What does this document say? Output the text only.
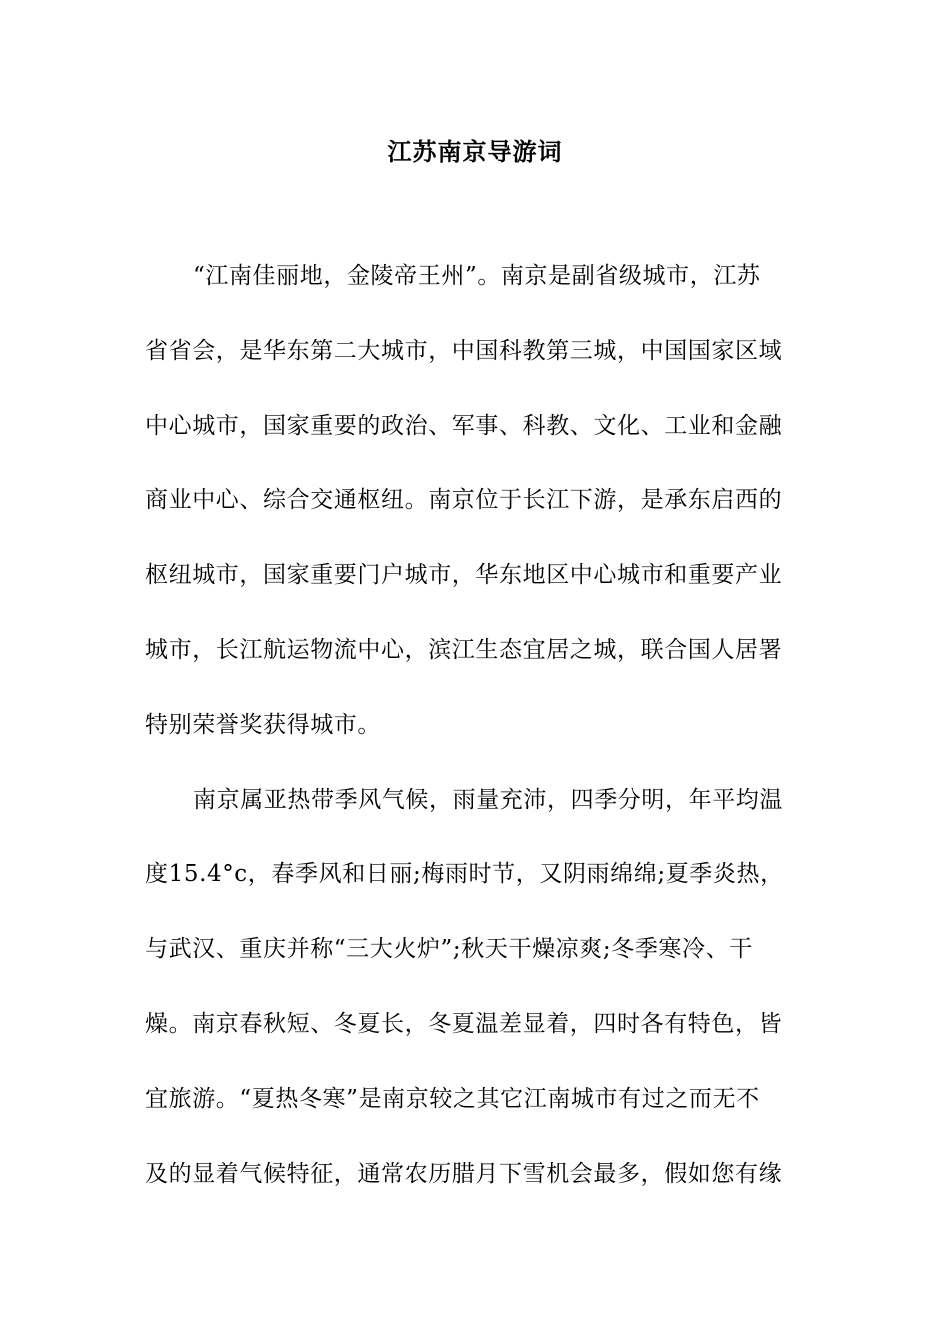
江苏南京导游词
“江南佳丽地，金陵帝王州”。南京是副省级城市，江苏
省省会，是华东第二大城市，中国科教第三城，中国国家区域
中心城市，国家重要的政治、军事、科教、文化、工业和金融
商业中心、综合交通枢纽。南京位于长江下游，是承东启西的
枢纽城市，国家重要门户城市，华东地区中心城市和重要产业
城市，长江航运物流中心，滨江生态宜居之城，联合国人居署
特别荣誉奖获得城市。
南京属亚热带季风气候，雨量充沛，四季分明，年平均温
度15.4°c，春季风和日丽;梅雨时节，又阴雨绵绵;夏季炎热，
与武汉、重庆并称“三大火炉”;秋天干燥凉爽;冬季寒冷、干
燥。南京春秋短、冬夏长，冬夏温差显着，四时各有特色，皆
宜旅游。“夏热冬寒”是南京较之其它江南城市有过之而无不
及的显着气候特征，通常农历腊月下雪机会最多，假如您有缘
